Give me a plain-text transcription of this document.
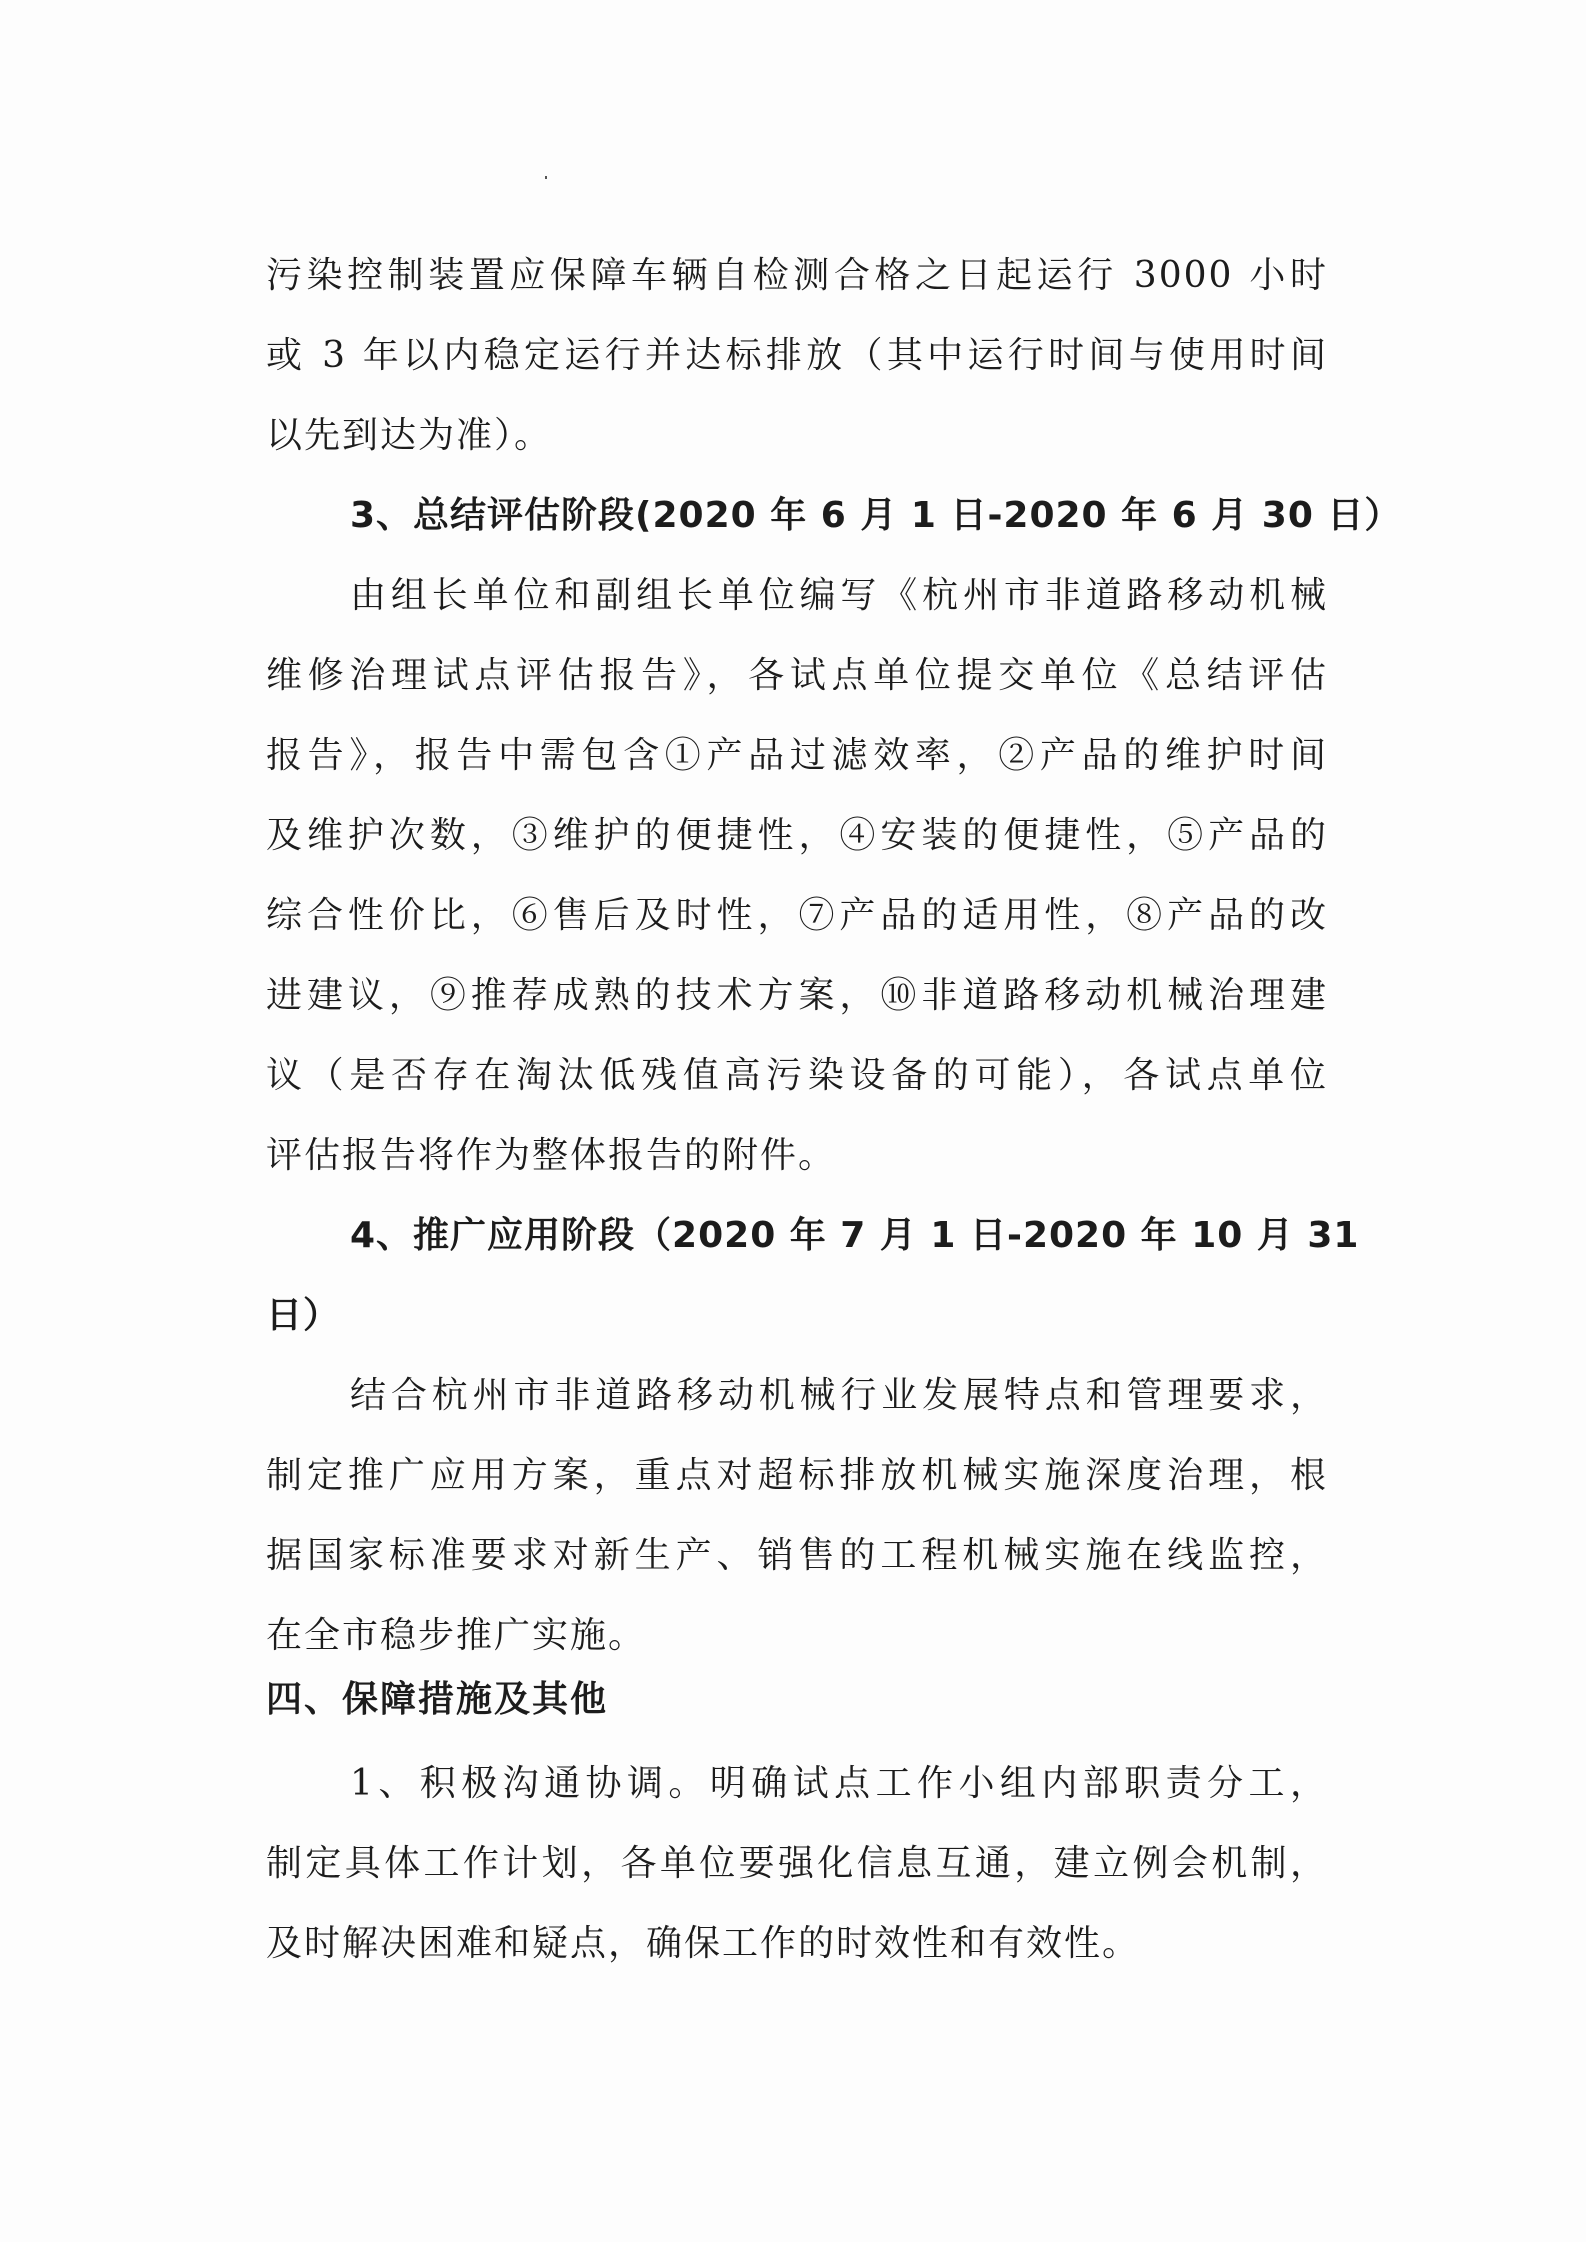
污染控制装置应保障车辆自检测合格之日起运行 3000 小时
或 3 年以内稳定运行并达标排放（其中运行时间与使用时间
以先到达为准）。
3、总结评估阶段(2020 年 6 月 1 日-2020 年 6 月 30 日）
由组长单位和副组长单位编写《杭州市非道路移动机械
维修治理试点评估报告》，各试点单位提交单位《总结评估
报告》，报告中需包含①产品过滤效率，②产品的维护时间
及维护次数，③维护的便捷性，④安装的便捷性，⑤产品的
综合性价比，⑥售后及时性，⑦产品的适用性，⑧产品的改
进建议，⑨推荐成熟的技术方案，⑩非道路移动机械治理建
议（是否存在淘汰低残值高污染设备的可能），各试点单位
评估报告将作为整体报告的附件。
4、推广应用阶段（2020 年 7 月 1 日-2020 年 10 月 31
日）
结合杭州市非道路移动机械行业发展特点和管理要求，
制定推广应用方案，重点对超标排放机械实施深度治理，根
据国家标准要求对新生产、销售的工程机械实施在线监控，
在全市稳步推广实施。
四、保障措施及其他
1、积极沟通协调。明确试点工作小组内部职责分工，
制定具体工作计划，各单位要强化信息互通，建立例会机制，
及时解决困难和疑点，确保工作的时效性和有效性。
